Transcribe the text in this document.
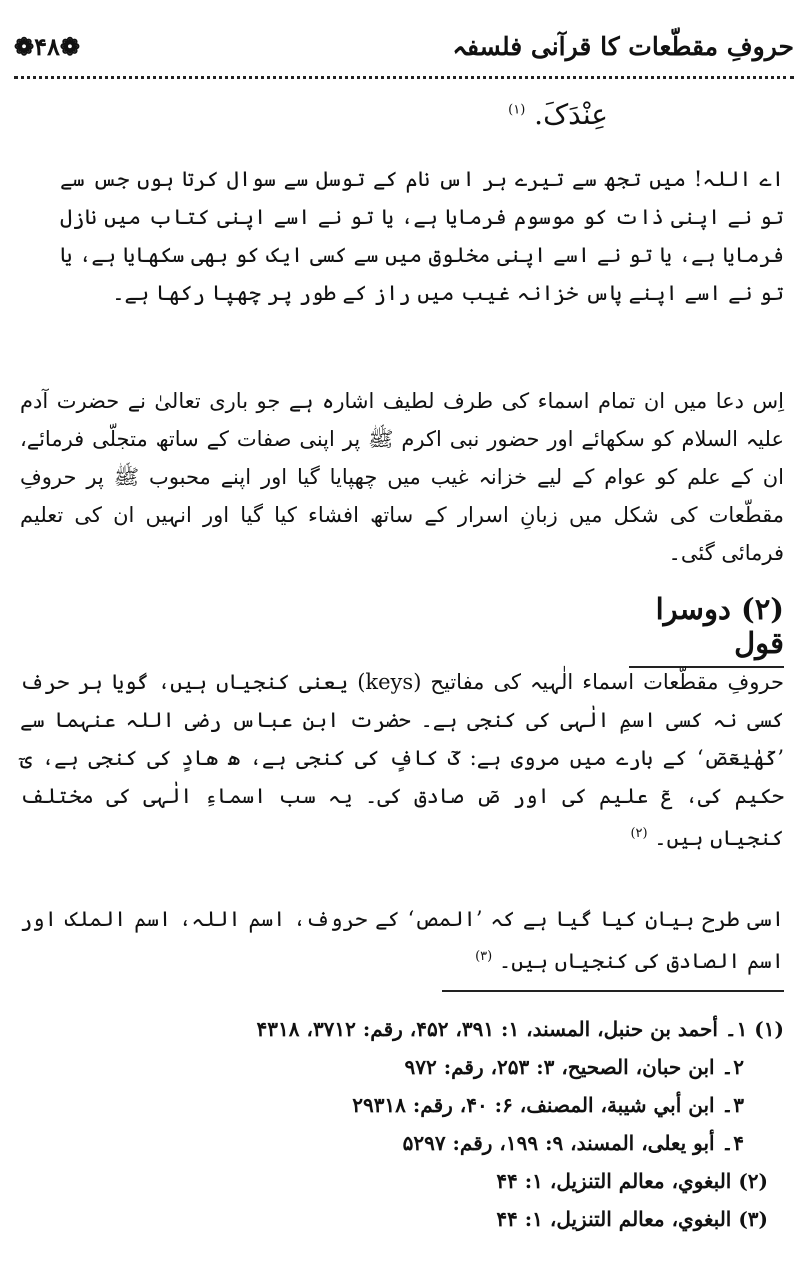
❁۴۸❁	حروفِ مقطّعات کا قرآنی فلسفہ
عِنْدَکَ. $^{(۱)}$
اے اللہ! میں تجھ سے تیرے ہر اس نام کے توسل سے سوال کرتا ہوں جس سے تو نے اپنی ذات کو موسوم فرمایا ہے، یا تو نے اسے اپنی کتاب میں نازل فرمایا ہے، یا تو نے اسے اپنی مخلوق میں سے کسی ایک کو بھی سکھایا ہے، یا تو نے اسے اپنے پاس خزانہ غیب میں راز کے طور پر چھپا رکھا ہے۔
اِس دعا میں ان تمام اسماء کی طرف لطیف اشارہ ہے جو باری تعالیٰ نے حضرت آدم علیہ السلام کو سکھائے اور حضور نبی اکرم ﷺ پر اپنی صفات کے ساتھ متجلّی فرمائے، ان کے علم کو عوام کے لیے خزانہ غیب میں چھپایا گیا اور اپنے محبوب ﷺ پر حروفِ مقطّعات کی شکل میں زبانِ اسرار کے ساتھ افشاء کیا گیا اور انہیں ان کی تعلیم فرمائی گئی۔
(۲) دوسرا قول
حروفِ مقطّعات اسماء الٰہیہ کی مفاتیح (keys) یعنی کنجیاں ہیں، گویا ہر حرف کسی نہ کسی اسمِ الٰہی کی کنجی ہے۔ حضرت ابن عباس رضی اللہ عنہما سے ’کٓهٰيٰعٓصٓ‘ کے بارے میں مروی ہے: کٓ کافٍ کی کنجی ہے، ھ ھادٍ کی کنجی ہے، یٓ حکیم کی، عٓ علیم کی اور صٓ صادق کی۔ یہ سب اسماءِ الٰہی کی مختلف کنجیاں ہیں۔ $^{(۲)}$
اسی طرح بیان کیا گیا ہے کہ ’المص‘ کے حروف، اسم اللہ، اسم الملک اور اسم الصادق کی کنجیاں ہیں۔ $^{(۳)}$
(۱) ۱۔ أحمد بن حنبل، المسند، ۱: ۳۹۱، ۴۵۲، رقم: ۳۷۱۲، ۴۳۱۸
۲۔ ابن حبان، الصحيح، ۳: ۲۵۳، رقم: ۹۷۲
۳۔ ابن أبي شيبة، المصنف، ۶: ۴۰، رقم: ۲۹۳۱۸
۴۔ أبو يعلى، المسند، ۹: ۱۹۹، رقم: ۵۲۹۷
(۲) البغوي، معالم التنزيل، ۱: ۴۴
(۳) البغوي، معالم التنزيل، ۱: ۴۴
